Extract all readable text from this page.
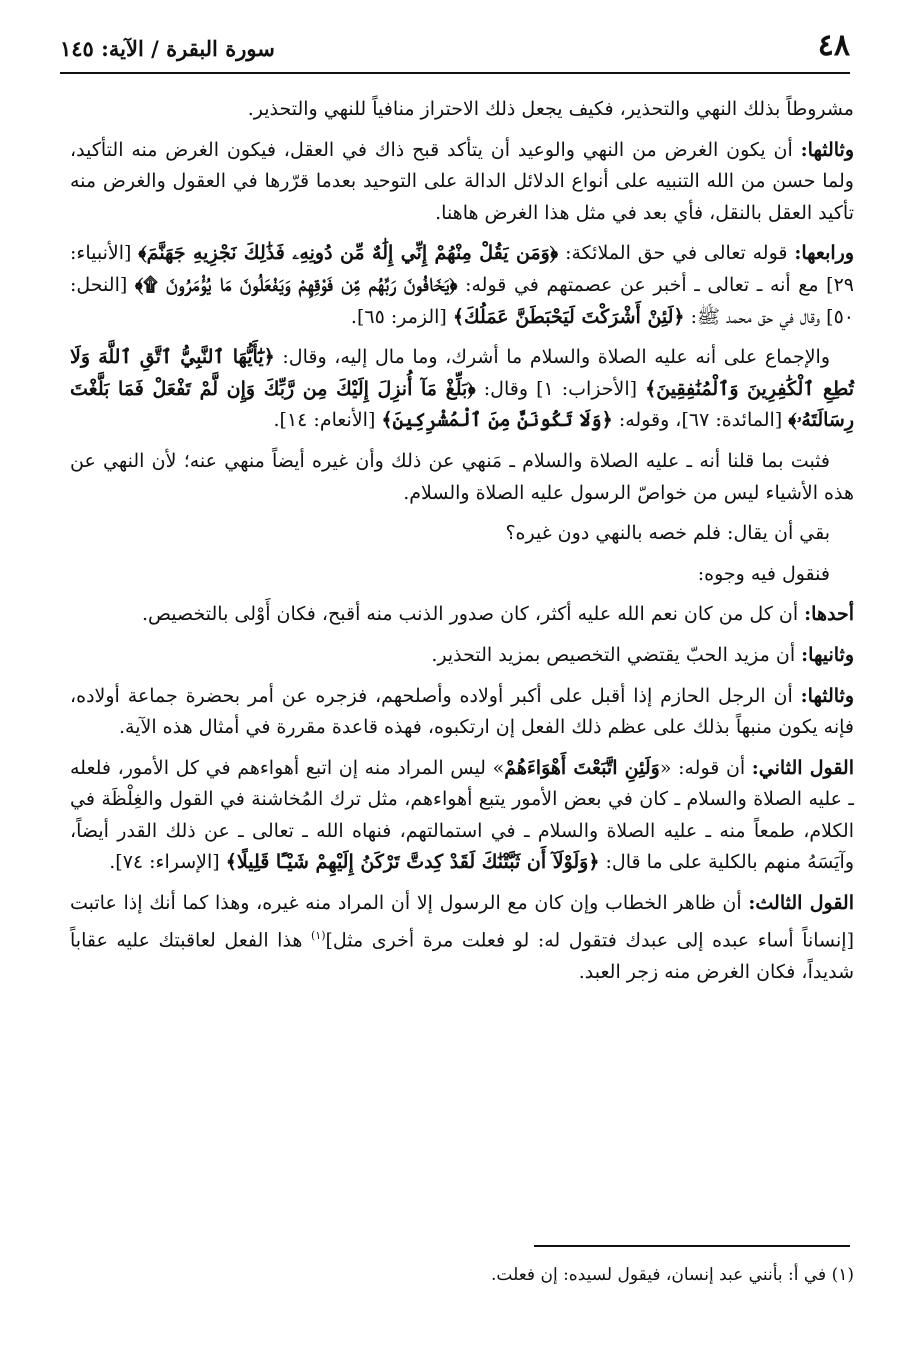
٤٨
سورة البقرة / الآية: ١٤٥

مشروطاً بذلك النهي والتحذير، فكيف يجعل ذلك الاحتراز منافياً للنهي والتحذير.

وثالثها: أن يكون الغرض من النهي والوعيد أن يتأكد قبح ذاك في العقل، فيكون الغرض منه التأكيد، ولما حسن من الله التنبيه على أنواع الدلائل الدالة على التوحيد بعدما قرّرها في العقول والغرض منه تأكيد العقل بالنقل، فأي بعد في مثل هذا الغرض هاهنا.

ورابعها: قوله تعالى في حق الملائكة: ﴿وَمَن يَقُلْ مِنْهُمْ إِنِّي إِلَٰهٌ مِّن دُونِهِۦ فَذَٰلِكَ نَجْزِيهِ جَهَنَّمَ﴾ [الأنبياء: ٢٩] مع أنه ـ تعالى ـ أخبر عن عصمتهم في قوله: ﴿يَخَافُونَ رَبَّهُم مِّن فَوْقِهِمْ وَيَفْعَلُونَ مَا يُؤْمَرُونَ ۩﴾ [النحل: ٥٠] وقال في حق محمد ﷺ: ﴿لَئِنْ أَشْرَكْتَ لَيَحْبَطَنَّ عَمَلُكَ﴾ [الزمر: ٦٥].

والإجماع على أنه عليه الصلاة والسلام ما أشرك، وما مال إليه، وقال: ﴿يَٰٓأَيُّهَا ٱلنَّبِيُّ ٱتَّقِ ٱللَّهَ وَلَا تُطِعِ ٱلْكَٰفِرِينَ وَٱلْمُنَٰفِقِينَ﴾ [الأحزاب: ١] وقال: ﴿بَلِّغْ مَآ أُنزِلَ إِلَيْكَ مِن رَّبِّكَ وَإِن لَّمْ تَفْعَلْ فَمَا بَلَّغْتَ رِسَالَتَهُۥ﴾ [المائدة: ٦٧]، وقوله: ﴿وَلَا تَكُونَنَّ مِنَ ٱلْمُشْرِكِينَ﴾ [الأنعام: ١٤].

فثبت بما قلنا أنه ـ عليه الصلاة والسلام ـ مَنهي عن ذلك وأن غيره أيضاً منهي عنه؛ لأن النهي عن هذه الأشياء ليس من خواصّ الرسول عليه الصلاة والسلام.

بقي أن يقال: فلم خصه بالنهي دون غيره؟

فنقول فيه وجوه:

أحدها: أن كل من كان نعم الله عليه أكثر، كان صدور الذنب منه أقبح، فكان أَوْلى بالتخصيص.

وثانيها: أن مزيد الحبّ يقتضي التخصيص بمزيد التحذير.

وثالثها: أن الرجل الحازم إذا أقبل على أكبر أولاده وأصلحهم، فزجره عن أمر بحضرة جماعة أولاده، فإنه يكون منبهاً بذلك على عظم ذلك الفعل إن ارتكبوه، فهذه قاعدة مقررة في أمثال هذه الآية.

القول الثاني: أن قوله: «وَلَئِنِ اتَّبَعْتَ أَهْوَاءَهُمْ» ليس المراد منه إن اتبع أهواءهم في كل الأمور، فلعله ـ عليه الصلاة والسلام ـ كان في بعض الأمور يتبع أهواءهم، مثل ترك المُخاشنة في القول والغِلْظَة في الكلام، طمعاً منه ـ عليه الصلاة والسلام ـ في استمالتهم، فنهاه الله ـ تعالى ـ عن ذلك القدر أيضاً، وآيَسَهُ منهم بالكلية على ما قال: ﴿وَلَوْلَآ أَن ثَبَّتْنَٰكَ لَقَدْ كِدتَّ تَرْكَنُ إِلَيْهِمْ شَيْـًٔا قَلِيلًا﴾ [الإسراء: ٧٤].

القول الثالث: أن ظاهر الخطاب وإن كان مع الرسول إلا أن المراد منه غيره، وهذا كما أنك إذا عاتبت [إنساناً أساء عبده إلى عبدك فتقول له: لو فعلت مرة أخرى مثل]$^{(١)}$ هذا الفعل لعاقبتك عليه عقاباً شديداً، فكان الغرض منه زجر العبد.

(١) في أ: بأنني عبد إنسان، فيقول لسيده: إن فعلت.
